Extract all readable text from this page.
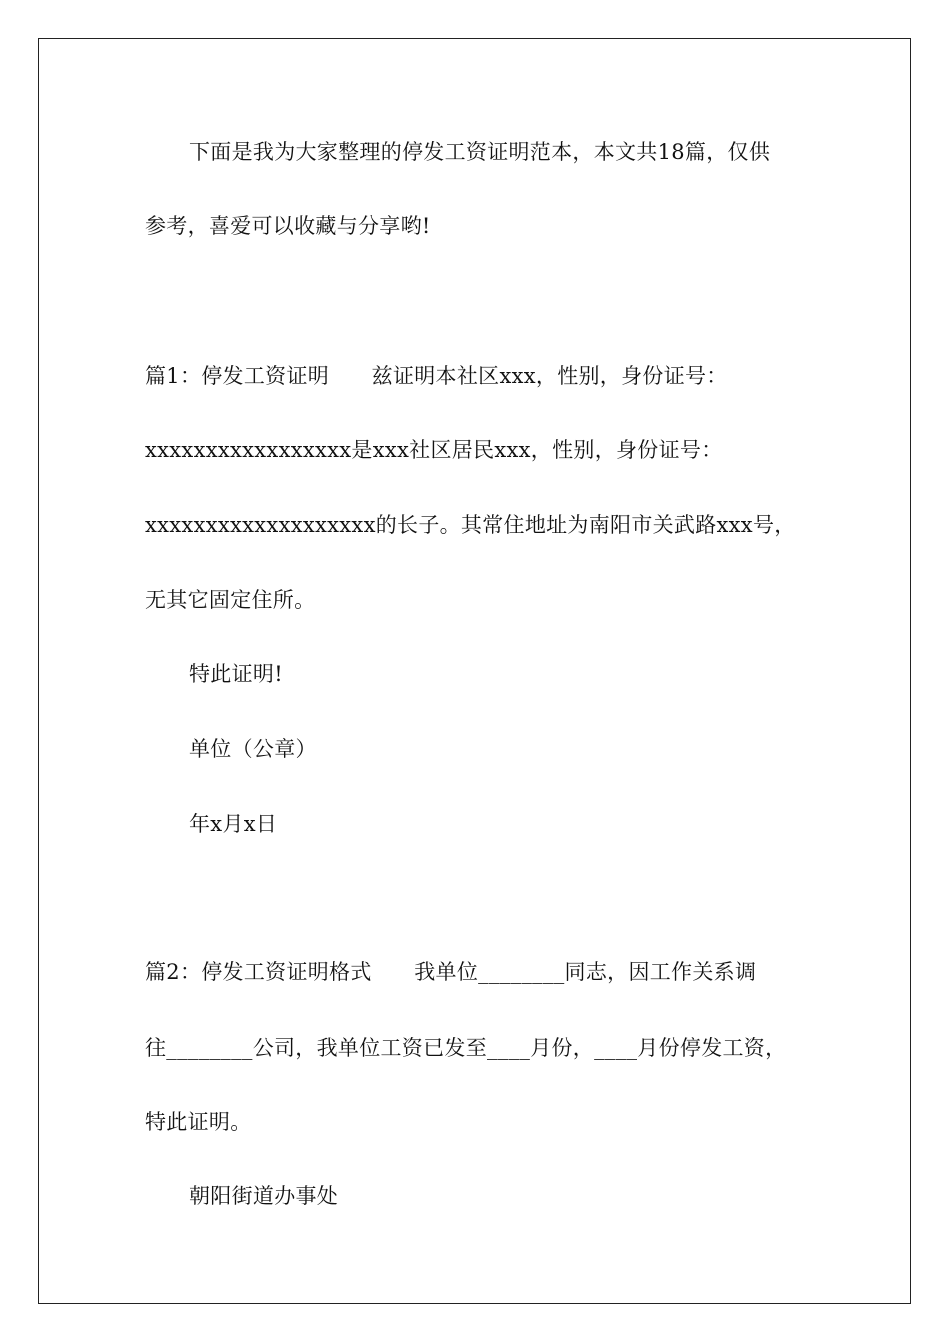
下面是我为大家整理的停发工资证明范本，本文共18篇，仅供
参考，喜爱可以收藏与分享哟!
篇1：停发工资证明　　兹证明本社区xxx，性别，身份证号：
xxxxxxxxxxxxxxxxx是xxx社区居民xxx，性别，身份证号：
xxxxxxxxxxxxxxxxxxx的长子。其常住地址为南阳市关武路xxx号，
无其它固定住所。
特此证明!
单位（公章）
年x月x日
篇2：停发工资证明格式　　我单位________同志，因工作关系调
往________公司，我单位工资已发至____月份，____月份停发工资，
特此证明。
朝阳街道办事处
